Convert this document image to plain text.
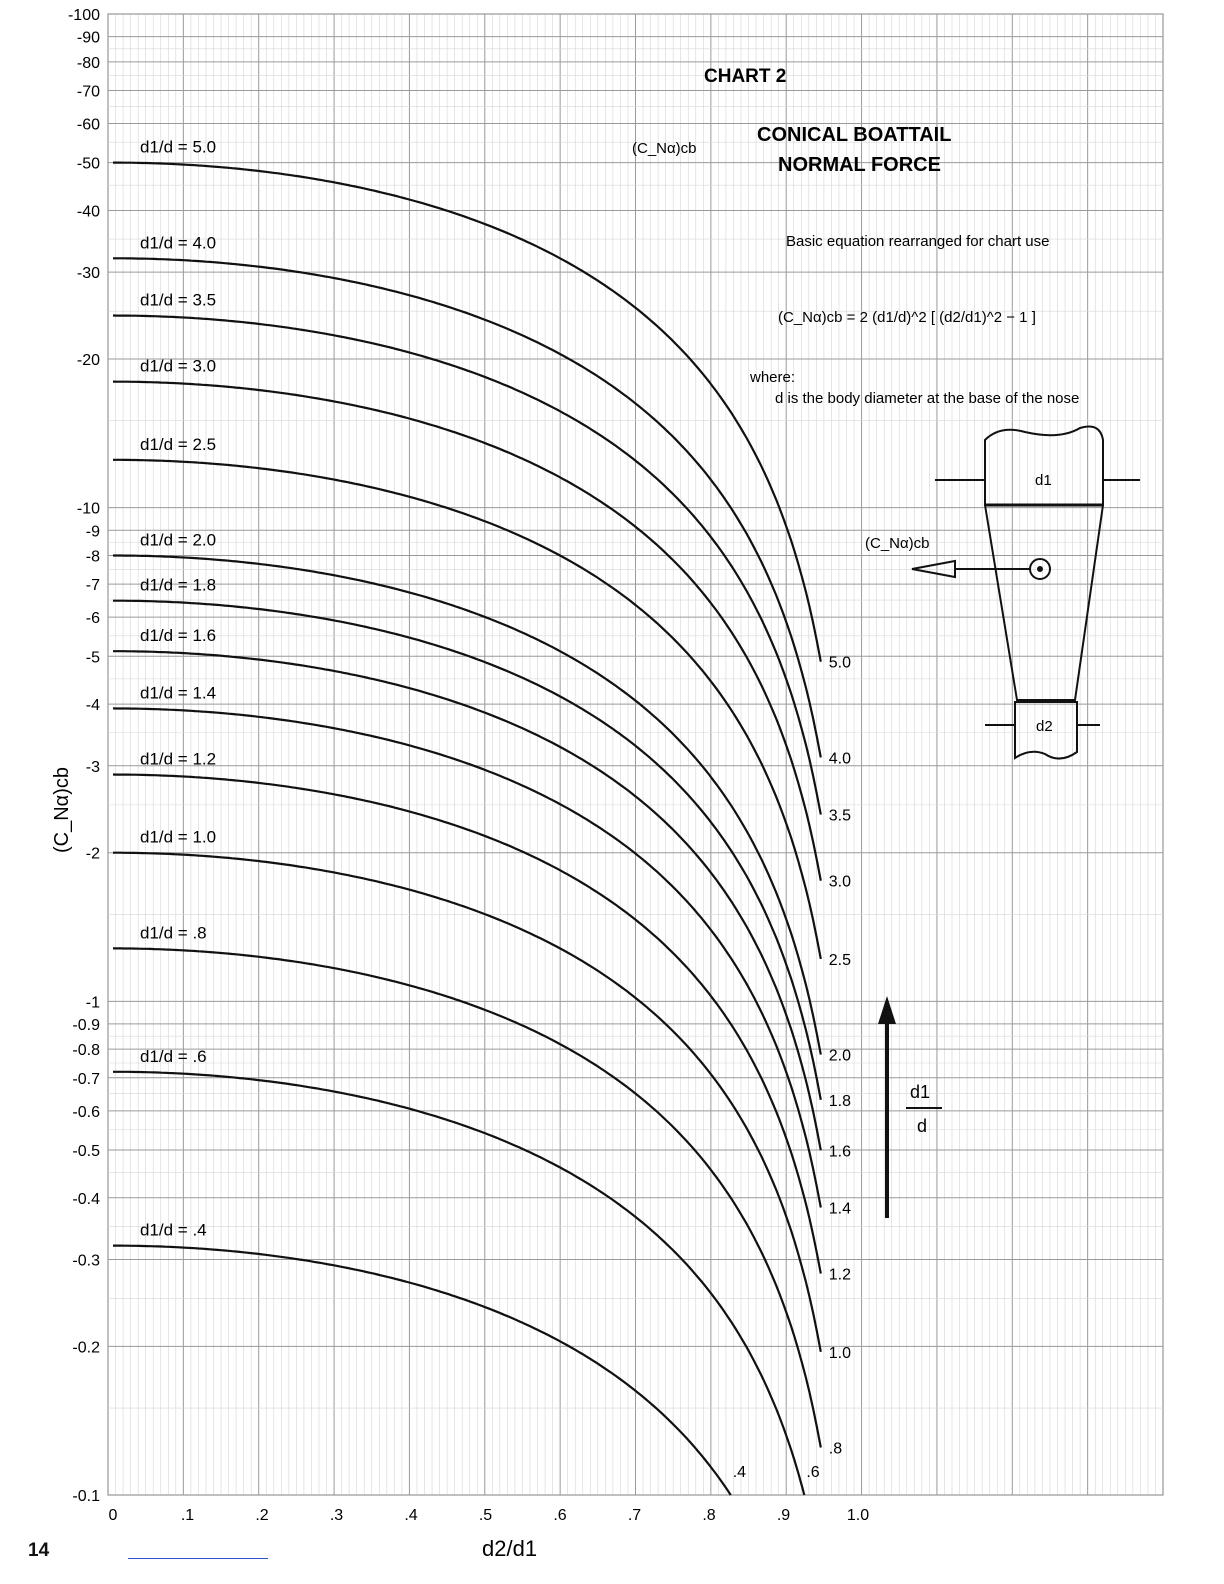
-100
-90
-80
-70
-60
-50
-40
-30
-20
-10
-9
-8
-7
-6
-5
-4
-3
-2
-1
-0.9
-0.8
-0.7
-0.6
-0.5
-0.4
-0.3
-0.2
-0.1
0	.1	.2	.3	.4	.5	.6	.7	.8	.9	1.0
d1/d = 5.0
5.0
d1/d = 4.0
4.0
d1/d = 3.5
3.5
d1/d = 3.0
3.0
d1/d = 2.5
2.5
d1/d = 2.0
2.0
d1/d = 1.8
1.8
d1/d = 1.6
1.6
d1/d = 1.4
1.4
d1/d = 1.2
1.2
d1/d = 1.0
1.0
d1/d = .8
.8
d1/d = .6
.6
d1/d = .4
.4
CHART 2
CONICAL BOATTAIL
NORMAL FORCE
(C_Nα)cb
Basic equation rearranged for chart use
(C_Nα)cb = 2 (d1/d)^2 [ (d2/d1)^2 − 1 ]
where:
d is the body diameter at the base of the nose
d1
d2
(C_Nα)cb
d1
d
d2/d1
(C_Nα)cb
14
